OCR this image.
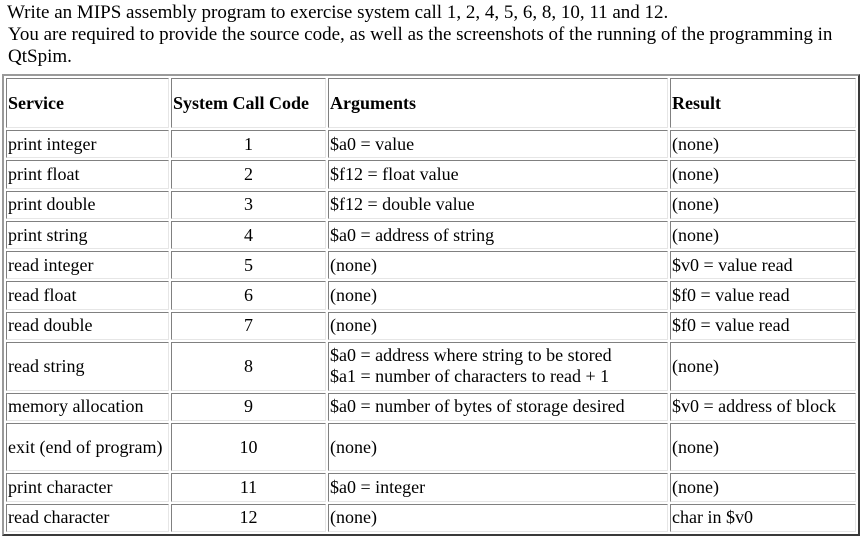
Write an MIPS assembly program to exercise system call 1, 2, 4, 5, 6, 8, 10, 11 and 12.

You are required to provide the source code, as well as the screenshots of the running of the programming in QtSpim.

Service	System Call Code	Arguments	Result
print integer	1	$a0 = value	(none)
print float	2	$f12 = float value	(none)
print double	3	$f12 = double value	(none)
print string	4	$a0 = address of string	(none)
read integer	5	(none)	$v0 = value read
read float	6	(none)	$f0 = value read
read double	7	(none)	$f0 = value read
read string	8	$a0 = address where string to be stored
$a1 = number of characters to read + 1	(none)
memory allocation	9	$a0 = number of bytes of storage desired	$v0 = address of block
exit (end of program)	10	(none)	(none)
print character	11	$a0 = integer	(none)
read character	12	(none)	char in $v0
